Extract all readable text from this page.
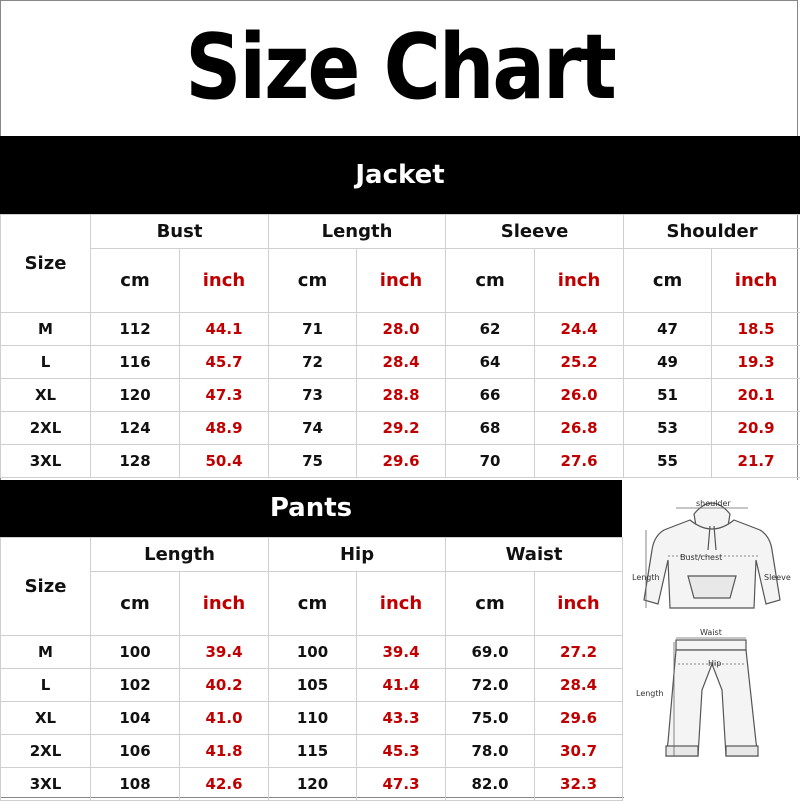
Size Chart
Jacket
Size	Bust		Length		Sleeve		Shoulder	
	cm	inch	cm	inch	cm	inch	cm	inch
M	112	44.1	71	28.0	62	24.4	47	18.5
L	116	45.7	72	28.4	64	25.2	49	19.3
XL	120	47.3	73	28.8	66	26.0	51	20.1
2XL	124	48.9	74	29.2	68	26.8	53	20.9
3XL	128	50.4	75	29.6	70	27.6	55	21.7
Pants
Size	Length		Hip		Waist	
	cm	inch	cm	inch	cm	inch
M	100	39.4	100	39.4	69.0	27.2
L	102	40.2	105	41.4	72.0	28.4
XL	104	41.0	110	43.3	75.0	29.6
2XL	106	41.8	115	45.3	78.0	30.7
3XL	108	42.6	120	47.3	82.0	32.3
shoulder
Bust/chest
Length	Sleeve
Waist
Hip
Length
